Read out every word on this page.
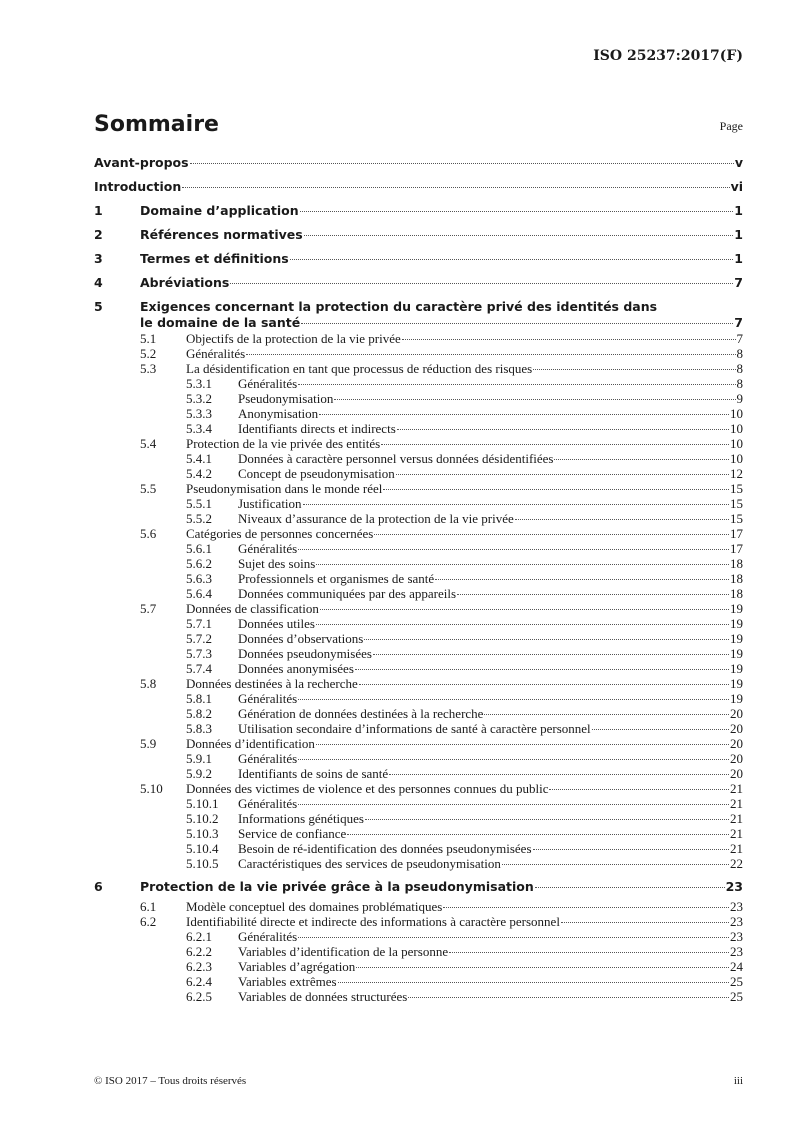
ISO 25237:2017(F)
Sommaire	Page
Avant-propos	v
Introduction	vi
1	Domaine d’application	1
2	Références normatives	1
3	Termes et définitions	1
4	Abréviations	7
5	Exigences concernant la protection du caractère privé des identités dans
le domaine de la santé	7
5.1	Objectifs de la protection de la vie privée	7
5.2	Généralités	8
5.3	La désidentification en tant que processus de réduction des risques	8
5.3.1	Généralités	8
5.3.2	Pseudonymisation	9
5.3.3	Anonymisation	10
5.3.4	Identifiants directs et indirects	10
5.4	Protection de la vie privée des entités	10
5.4.1	Données à caractère personnel versus données désidentifiées	10
5.4.2	Concept de pseudonymisation	12
5.5	Pseudonymisation dans le monde réel	15
5.5.1	Justification	15
5.5.2	Niveaux d’assurance de la protection de la vie privée	15
5.6	Catégories de personnes concernées	17
5.6.1	Généralités	17
5.6.2	Sujet des soins	18
5.6.3	Professionnels et organismes de santé	18
5.6.4	Données communiquées par des appareils	18
5.7	Données de classification	19
5.7.1	Données utiles	19
5.7.2	Données d’observations	19
5.7.3	Données pseudonymisées	19
5.7.4	Données anonymisées	19
5.8	Données destinées à la recherche	19
5.8.1	Généralités	19
5.8.2	Génération de données destinées à la recherche	20
5.8.3	Utilisation secondaire d’informations de santé à caractère personnel	20
5.9	Données d’identification	20
5.9.1	Généralités	20
5.9.2	Identifiants de soins de santé	20
5.10	Données des victimes de violence et des personnes connues du public	21
5.10.1	Généralités	21
5.10.2	Informations génétiques	21
5.10.3	Service de confiance	21
5.10.4	Besoin de ré-identification des données pseudonymisées	21
5.10.5	Caractéristiques des services de pseudonymisation	22
6	Protection de la vie privée grâce à la pseudonymisation	23
6.1	Modèle conceptuel des domaines problématiques	23
6.2	Identifiabilité directe et indirecte des informations à caractère personnel	23
6.2.1	Généralités	23
6.2.2	Variables d’identification de la personne	23
6.2.3	Variables d’agrégation	24
6.2.4	Variables extrêmes	25
6.2.5	Variables de données structurées	25
© ISO 2017 – Tous droits réservés	iii
